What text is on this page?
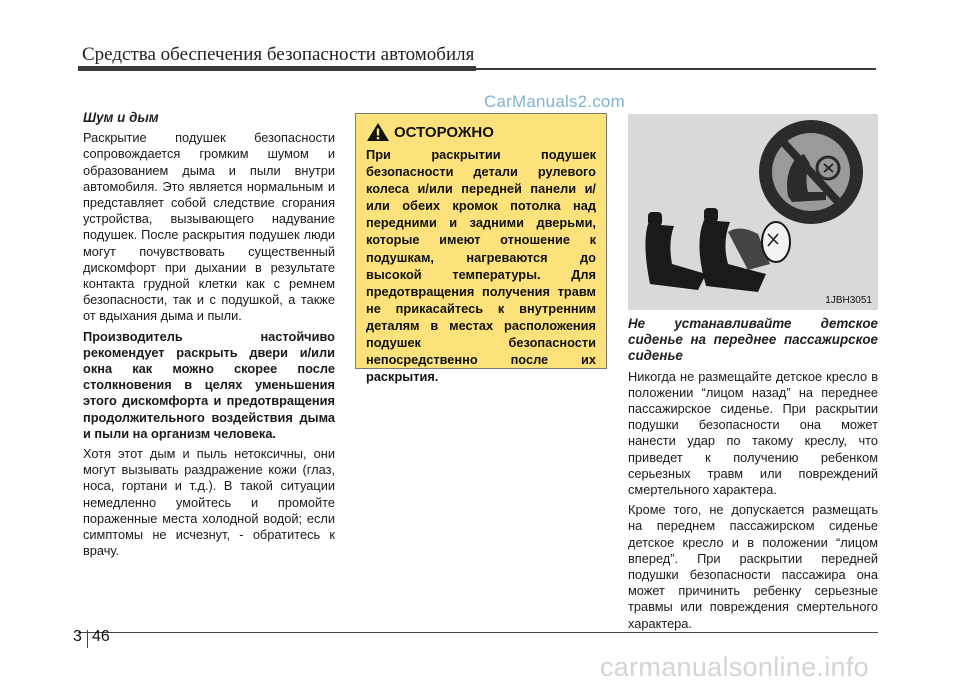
Средства обеспечения безопасности автомобиля
CarManuals2.com

Шум и дым

Раскрытие подушек безопасности сопровождается громким шумом и образованием дыма и пыли внутри автомобиля. Это является нормальным и представляет собой следствие сгорания устройства, вызывающего надувание подушек. После раскрытия подушек люди могут почувствовать существенный дискомфорт при дыхании в результате контакта грудной клетки как с ремнем безопасности, так и с подушкой, а также от вдыхания дыма и пыли.

Производитель настойчиво рекомендует раскрыть двери и/или окна как можно скорее после столкновения в целях уменьшения этого дискомфорта и предотвращения продолжительного воздействия дыма и пыли на организм человека.

Хотя этот дым и пыль нетоксичны, они могут вызывать раздражение кожи (глаз, носа, гортани и т.д.). В такой ситуации немедленно умойтесь и промойте пораженные места холодной водой; если симптомы не исчезнут, - обратитесь к врачу.

ОСТОРОЖНО
При раскрытии подушек безопасности детали рулевого колеса и/или передней панели и/или обеих кромок потолка над передними и задними дверьми, которые имеют отношение к подушкам, нагреваются до высокой температуры. Для предотвращения получения травм не прикасайтесь к внутренним деталям в местах расположения подушек безопасности непосредственно после их раскрытия.
1JBH3051

Не устанавливайте детское сиденье на переднее пассажирское сиденье

Никогда не размещайте детское кресло в положении “лицом назад” на переднее пассажирское сиденье. При раскрытии подушки безопасности она может нанести удар по такому креслу, что приведет к получению ребенком серьезных травм или повреждений смертельного характера.

Кроме того, не допускается размещать на переднем пассажирском сиденье детское кресло и в положении “лицом вперед”. При раскрытии передней подушки безопасности пассажира она может причинить ребенку серьезные травмы или повреждения смертельного характера.

3 46
carmanualsonline.info
